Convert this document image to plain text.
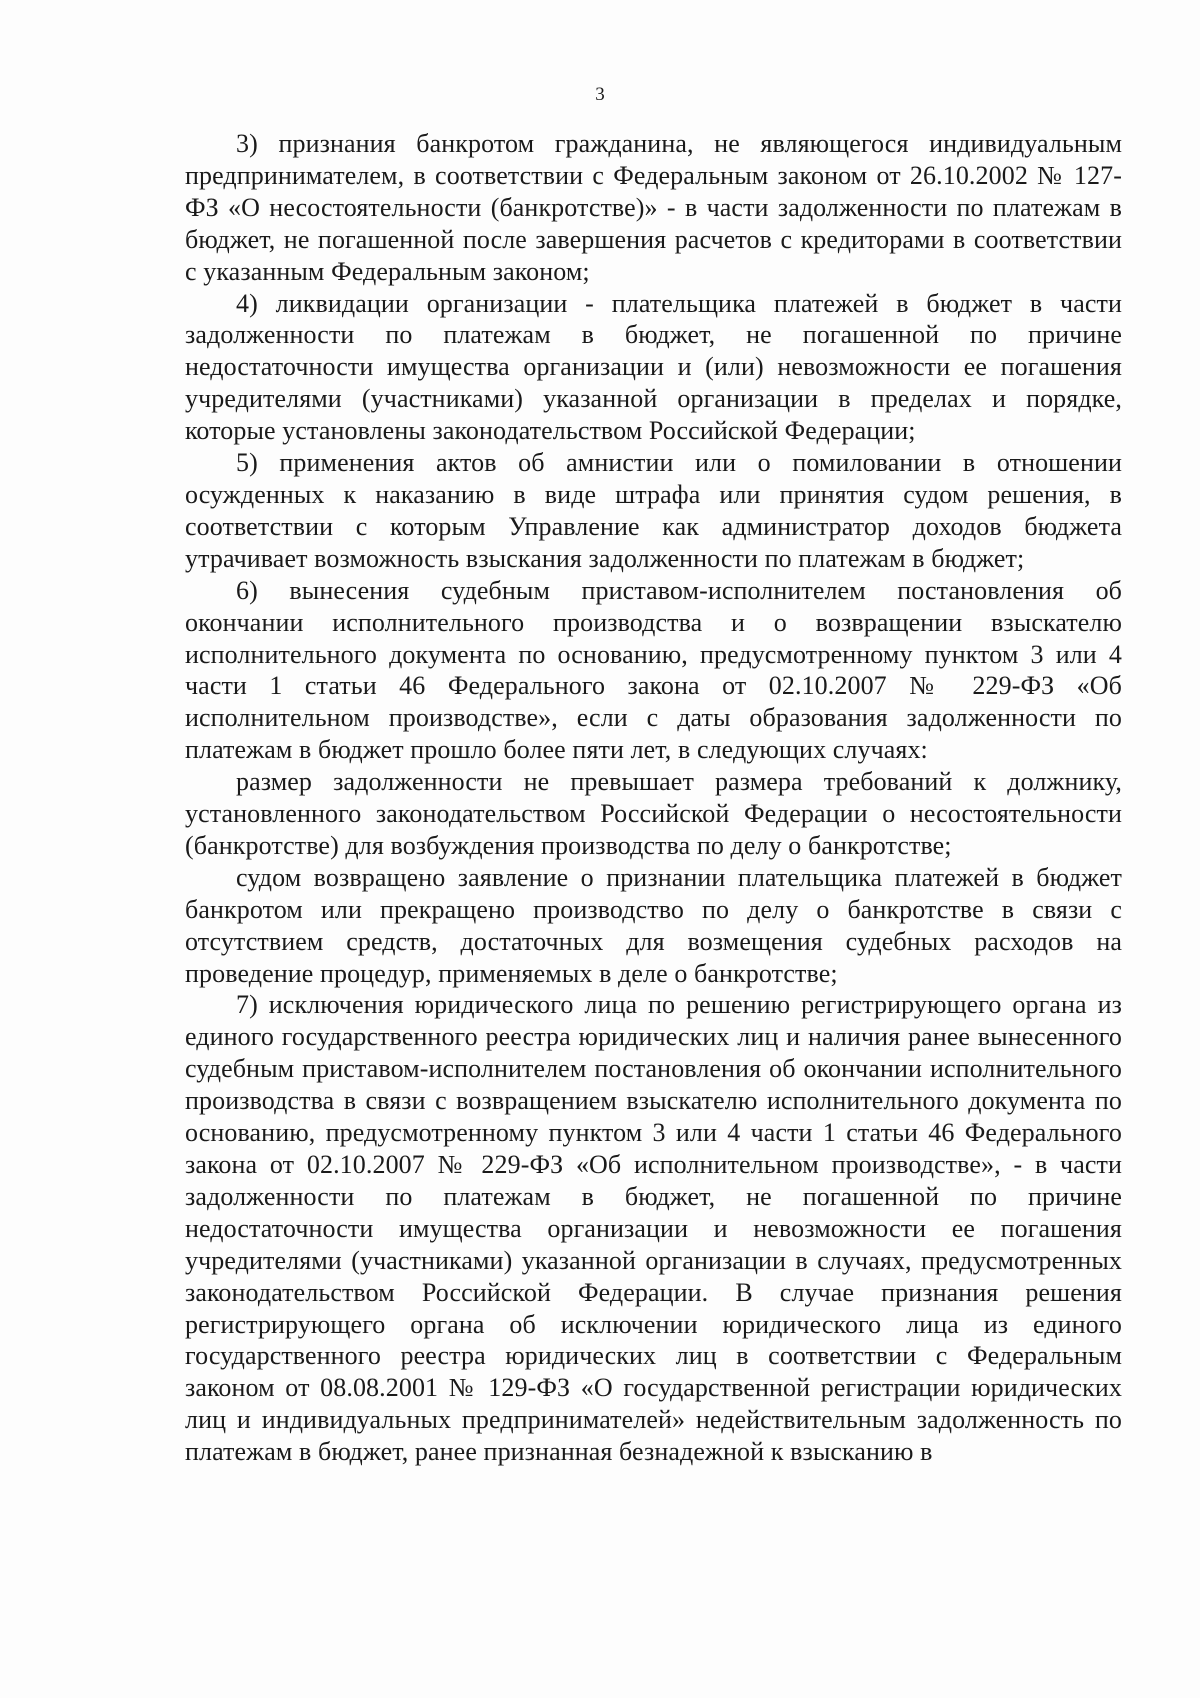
3

3) признания банкротом гражданина, не являющегося индивидуальным предпринимателем, в соответствии с Федеральным законом от 26.10.2002 № 127-ФЗ «О несостоятельности (банкротстве)» - в части задолженности по платежам в бюджет, не погашенной после завершения расчетов с кредиторами в соответствии с указанным Федеральным законом;

4) ликвидации организации - плательщика платежей в бюджет в части задолженности по платежам в бюджет, не погашенной по причине недостаточности имущества организации и (или) невозможности ее погашения учредителями (участниками) указанной организации в пределах и порядке, которые установлены законодательством Российской Федерации;

5) применения актов об амнистии или о помиловании в отношении осужденных к наказанию в виде штрафа или принятия судом решения, в соответствии с которым Управление как администратор доходов бюджета утрачивает возможность взыскания задолженности по платежам в бюджет;

6) вынесения судебным приставом-исполнителем постановления об окончании исполнительного производства и о возвращении взыскателю исполнительного документа по основанию, предусмотренному пунктом 3 или 4 части 1 статьи 46 Федерального закона от 02.10.2007 № 229-ФЗ «Об исполнительном производстве», если с даты образования задолженности по платежам в бюджет прошло более пяти лет, в следующих случаях:

размер задолженности не превышает размера требований к должнику, установленного законодательством Российской Федерации о несостоятельности (банкротстве) для возбуждения производства по делу о банкротстве;

судом возвращено заявление о признании плательщика платежей в бюджет банкротом или прекращено производство по делу о банкротстве в связи с отсутствием средств, достаточных для возмещения судебных расходов на проведение процедур, применяемых в деле о банкротстве;

7) исключения юридического лица по решению регистрирующего органа из единого государственного реестра юридических лиц и наличия ранее вынесенного судебным приставом-исполнителем постановления об окончании исполнительного производства в связи с возвращением взыскателю исполнительного документа по основанию, предусмотренному пунктом 3 или 4 части 1 статьи 46 Федерального закона от 02.10.2007 № 229-ФЗ «Об исполнительном производстве», - в части задолженности по платежам в бюджет, не погашенной по причине недостаточности имущества организации и невозможности ее погашения учредителями (участниками) указанной организации в случаях, предусмотренных законодательством Российской Федерации. В случае признания решения регистрирующего органа об исключении юридического лица из единого государственного реестра юридических лиц в соответствии с Федеральным законом от 08.08.2001 № 129-ФЗ «О государственной регистрации юридических лиц и индивидуальных предпринимателей» недействительным задолженность по платежам в бюджет, ранее признанная безнадежной к взысканию в
